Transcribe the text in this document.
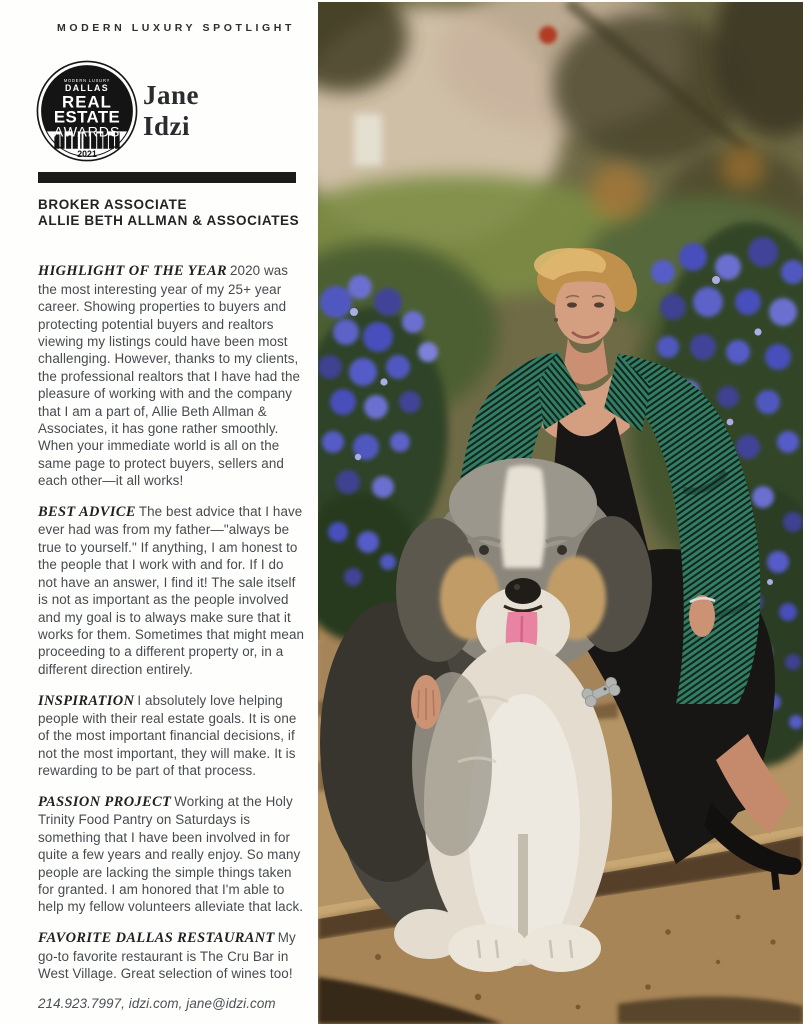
MODERN LUXURY SPOTLIGHT
MODERN LUXURY
DALLAS
REAL
ESTATE
AWARDS
2021
Jane
Idzi
BROKER ASSOCIATE
ALLIE BETH ALLMAN & ASSOCIATES

HIGHLIGHT OF THE YEAR 2020 was the most interesting year of my 25+ year career. Showing properties to buyers and protecting potential buyers and realtors viewing my listings could have been most challenging. However, thanks to my clients, the professional realtors that I have had the pleasure of working with and the company that I am a part of, Allie Beth Allman & Associates, it has gone rather smoothly. When your immediate world is all on the same page to protect buyers, sellers and each other—it all works!

BEST ADVICE The best advice that I have ever had was from my father—"always be true to yourself." If anything, I am honest to the people that I work with and for. If I do not have an answer, I find it! The sale itself is not as important as the people involved and my goal is to always make sure that it works for them. Sometimes that might mean proceeding to a different property or, in a different direction entirely.

INSPIRATION I absolutely love helping people with their real estate goals. It is one of the most important financial decisions, if not the most important, they will make. It is rewarding to be part of that process.

PASSION PROJECT Working at the Holy Trinity Food Pantry on Saturdays is something that I have been involved in for quite a few years and really enjoy. So many people are lacking the simple things taken for granted. I am honored that I'm able to help my fellow volunteers alleviate that lack.

FAVORITE DALLAS RESTAURANT My go-to favorite restaurant is The Cru Bar in West Village. Great selection of wines too!

214.923.7997, idzi.com, jane@idzi.com
